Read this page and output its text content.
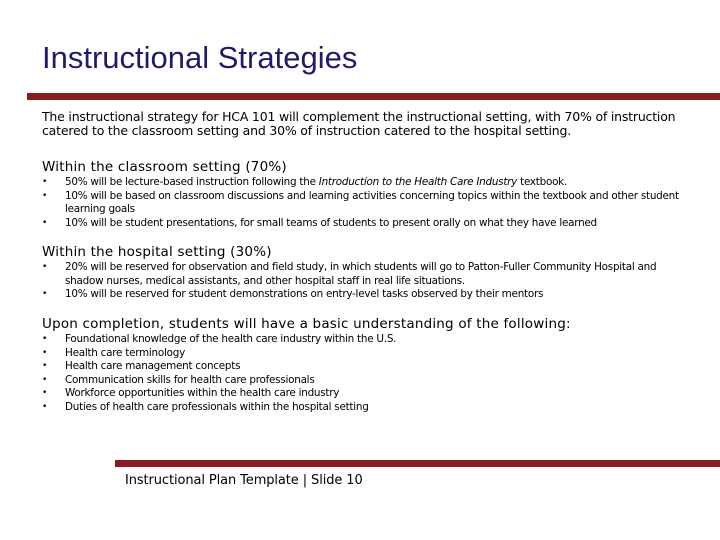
Instructional Strategies
The instructional strategy for HCA 101 will complement the instructional setting, with 70% of instruction catered to the classroom setting and 30% of instruction catered to the hospital setting.
Within the classroom setting (70%)
• 50% will be lecture-based instruction following the Introduction to the Health Care Industry textbook.
• 10% will be based on classroom discussions and learning activities concerning topics within the textbook and other student learning goals
• 10% will be student presentations, for small teams of students to present orally on what they have learned
Within the hospital setting (30%)
• 20% will be reserved for observation and field study, in which students will go to Patton-Fuller Community Hospital and shadow nurses, medical assistants, and other hospital staff in real life situations.
• 10% will be reserved for student demonstrations on entry-level tasks observed by their mentors
Upon completion, students will have a basic understanding of the following:
• Foundational knowledge of the health care industry within the U.S.
• Health care terminology
• Health care management concepts
• Communication skills for health care professionals
• Workforce opportunities within the health care industry
• Duties of health care professionals within the hospital setting
Instructional Plan Template | Slide 10
